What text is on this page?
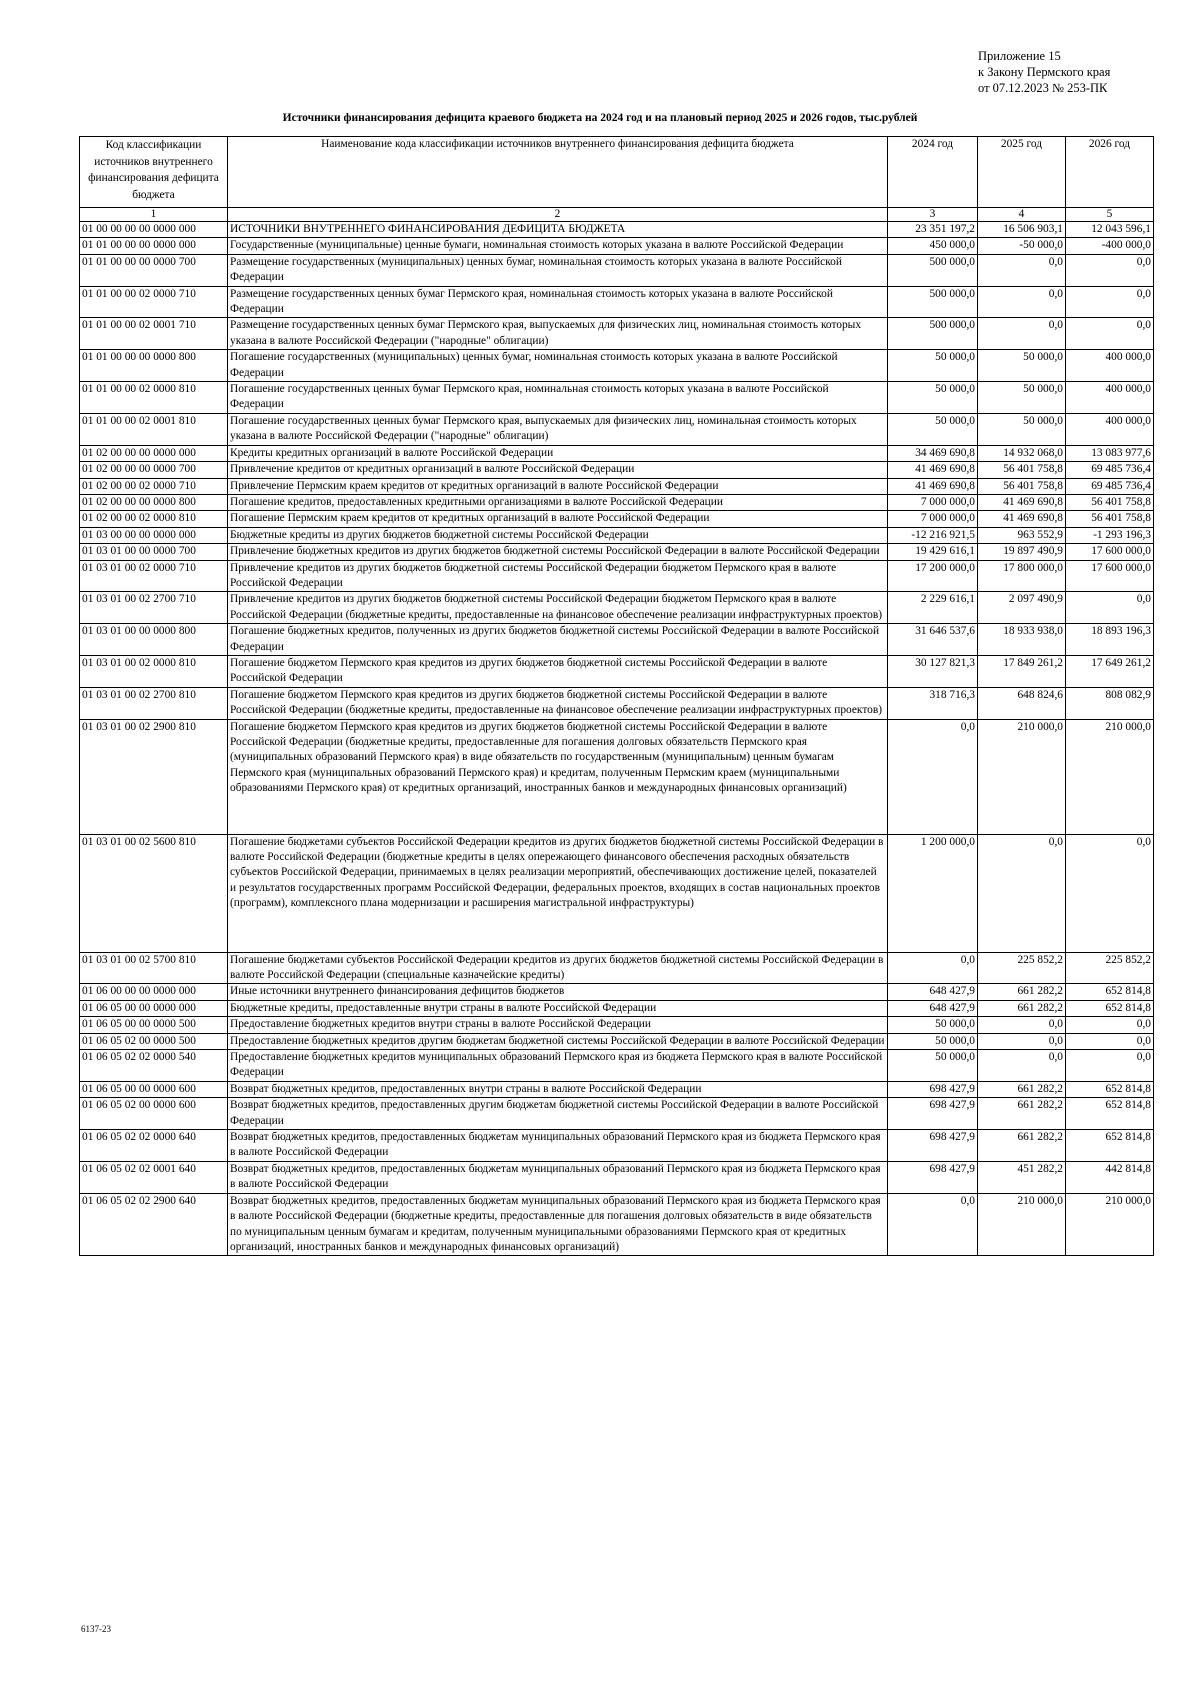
Приложение 15
к Закону Пермского края
от 07.12.2023 № 253-ПК
Источники финансирования дефицита краевого бюджета на 2024 год и на плановый период 2025 и 2026 годов, тыс.рублей
Код классификации источников внутреннего финансирования дефицита бюджета	Наименование кода классификации источников внутреннего финансирования дефицита бюджета	2024 год	2025 год	2026 год
1	2	3	4	5
01 00 00 00 00 0000 000	ИСТОЧНИКИ ВНУТРЕННЕГО ФИНАНСИРОВАНИЯ ДЕФИЦИТА БЮДЖЕТА	23 351 197,2	16 506 903,1	12 043 596,1
01 01 00 00 00 0000 000	Государственные (муниципальные) ценные бумаги, номинальная стоимость которых указана в валюте Российской Федерации	450 000,0	-50 000,0	-400 000,0
01 01 00 00 00 0000 700	Размещение государственных (муниципальных) ценных бумаг, номинальная стоимость которых указана в валюте Российской Федерации	500 000,0	0,0	0,0
01 01 00 00 02 0000 710	Размещение государственных ценных бумаг Пермского края, номинальная стоимость которых указана в валюте Российской Федерации	500 000,0	0,0	0,0
01 01 00 00 02 0001 710	Размещение государственных ценных бумаг Пермского края, выпускаемых для физических лиц, номинальная стоимость которых указана в валюте Российской Федерации ("народные" облигации)	500 000,0	0,0	0,0
01 01 00 00 00 0000 800	Погашение государственных (муниципальных) ценных бумаг, номинальная стоимость которых указана в валюте Российской Федерации	50 000,0	50 000,0	400 000,0
01 01 00 00 02 0000 810	Погашение государственных ценных бумаг Пермского края, номинальная стоимость которых указана в валюте Российской Федерации	50 000,0	50 000,0	400 000,0
01 01 00 00 02 0001 810	Погашение государственных ценных бумаг Пермского края, выпускаемых для физических лиц, номинальная стоимость которых указана в валюте Российской Федерации ("народные" облигации)	50 000,0	50 000,0	400 000,0
01 02 00 00 00 0000 000	Кредиты кредитных организаций в валюте Российской Федерации	34 469 690,8	14 932 068,0	13 083 977,6
01 02 00 00 00 0000 700	Привлечение кредитов от кредитных организаций в валюте Российской Федерации	41 469 690,8	56 401 758,8	69 485 736,4
01 02 00 00 02 0000 710	Привлечение Пермским краем кредитов от кредитных организаций в валюте Российской Федерации	41 469 690,8	56 401 758,8	69 485 736,4
01 02 00 00 00 0000 800	Погашение кредитов, предоставленных кредитными организациями в валюте Российской Федерации	7 000 000,0	41 469 690,8	56 401 758,8
01 02 00 00 02 0000 810	Погашение Пермским краем кредитов от кредитных организаций в валюте Российской Федерации	7 000 000,0	41 469 690,8	56 401 758,8
01 03 00 00 00 0000 000	Бюджетные кредиты из других бюджетов бюджетной системы Российской Федерации	-12 216 921,5	963 552,9	-1 293 196,3
01 03 01 00 00 0000 700	Привлечение бюджетных кредитов из других бюджетов бюджетной системы Российской Федерации в валюте Российской Федерации	19 429 616,1	19 897 490,9	17 600 000,0
01 03 01 00 02 0000 710	Привлечение кредитов из других бюджетов бюджетной системы Российской Федерации бюджетом Пермского края в валюте Российской Федерации	17 200 000,0	17 800 000,0	17 600 000,0
01 03 01 00 02 2700 710	Привлечение кредитов из других бюджетов бюджетной системы Российской Федерации бюджетом Пермского края в валюте Российской Федерации (бюджетные кредиты, предоставленные на финансовое обеспечение реализации инфраструктурных проектов)	2 229 616,1	2 097 490,9	0,0
01 03 01 00 00 0000 800	Погашение бюджетных кредитов, полученных из других бюджетов бюджетной системы Российской Федерации в валюте Российской Федерации	31 646 537,6	18 933 938,0	18 893 196,3
01 03 01 00 02 0000 810	Погашение бюджетом Пермского края кредитов из других бюджетов бюджетной системы Российской Федерации в валюте Российской Федерации	30 127 821,3	17 849 261,2	17 649 261,2
01 03 01 00 02 2700 810	Погашение бюджетом Пермского края кредитов из других бюджетов бюджетной системы Российской Федерации в валюте Российской Федерации (бюджетные кредиты, предоставленные на финансовое обеспечение реализации инфраструктурных проектов)	318 716,3	648 824,6	808 082,9
01 03 01 00 02 2900 810	Погашение бюджетом Пермского края кредитов из других бюджетов бюджетной системы Российской Федерации в валюте Российской Федерации (бюджетные кредиты, предоставленные для погашения долговых обязательств Пермского края (муниципальных образований Пермского края) в виде обязательств по государственным (муниципальным) ценным бумагам Пермского края (муниципальных образований Пермского края) и кредитам, полученным Пермским краем (муниципальными образованиями Пермского края) от кредитных организаций, иностранных банков и международных финансовых организаций)	0,0	210 000,0	210 000,0
01 03 01 00 02 5600 810	Погашение бюджетами субъектов Российской Федерации кредитов из других бюджетов бюджетной системы Российской Федерации в валюте Российской Федерации (бюджетные кредиты в целях опережающего финансового обеспечения расходных обязательств субъектов Российской Федерации, принимаемых в целях реализации мероприятий, обеспечивающих достижение целей, показателей и результатов государственных программ Российской Федерации, федеральных проектов, входящих в состав национальных проектов (программ), комплексного плана модернизации и расширения магистральной инфраструктуры)	1 200 000,0	0,0	0,0
01 03 01 00 02 5700 810	Погашение бюджетами субъектов Российской Федерации кредитов из других бюджетов бюджетной системы Российской Федерации в валюте Российской Федерации (специальные казначейские кредиты)	0,0	225 852,2	225 852,2
01 06 00 00 00 0000 000	Иные источники внутреннего финансирования дефицитов бюджетов	648 427,9	661 282,2	652 814,8
01 06 05 00 00 0000 000	Бюджетные кредиты, предоставленные внутри страны в валюте Российской Федерации	648 427,9	661 282,2	652 814,8
01 06 05 00 00 0000 500	Предоставление бюджетных кредитов внутри страны в валюте Российской Федерации	50 000,0	0,0	0,0
01 06 05 02 00 0000 500	Предоставление бюджетных кредитов другим бюджетам бюджетной системы Российской Федерации в валюте Российской Федерации	50 000,0	0,0	0,0
01 06 05 02 02 0000 540	Предоставление бюджетных кредитов муниципальных образований Пермского края из бюджета Пермского края в валюте Российской Федерации	50 000,0	0,0	0,0
01 06 05 00 00 0000 600	Возврат бюджетных кредитов, предоставленных внутри страны в валюте Российской Федерации	698 427,9	661 282,2	652 814,8
01 06 05 02 00 0000 600	Возврат бюджетных кредитов, предоставленных другим бюджетам бюджетной системы Российской Федерации в валюте Российской Федерации	698 427,9	661 282,2	652 814,8
01 06 05 02 02 0000 640	Возврат бюджетных кредитов, предоставленных бюджетам муниципальных образований Пермского края из бюджета Пермского края в валюте Российской Федерации	698 427,9	661 282,2	652 814,8
01 06 05 02 02 0001 640	Возврат бюджетных кредитов, предоставленных бюджетам муниципальных образований Пермского края из бюджета Пермского края в валюте Российской Федерации	698 427,9	451 282,2	442 814,8
01 06 05 02 02 2900 640	Возврат бюджетных кредитов, предоставленных бюджетам муниципальных образований Пермского края из бюджета Пермского края в валюте Российской Федерации (бюджетные кредиты, предоставленные для погашения долговых обязательств в виде обязательств по муниципальным ценным бумагам и кредитам, полученным муниципальными образованиями Пермского края от кредитных организаций, иностранных банков и международных финансовых организаций)	0,0	210 000,0	210 000,0
6137-23
